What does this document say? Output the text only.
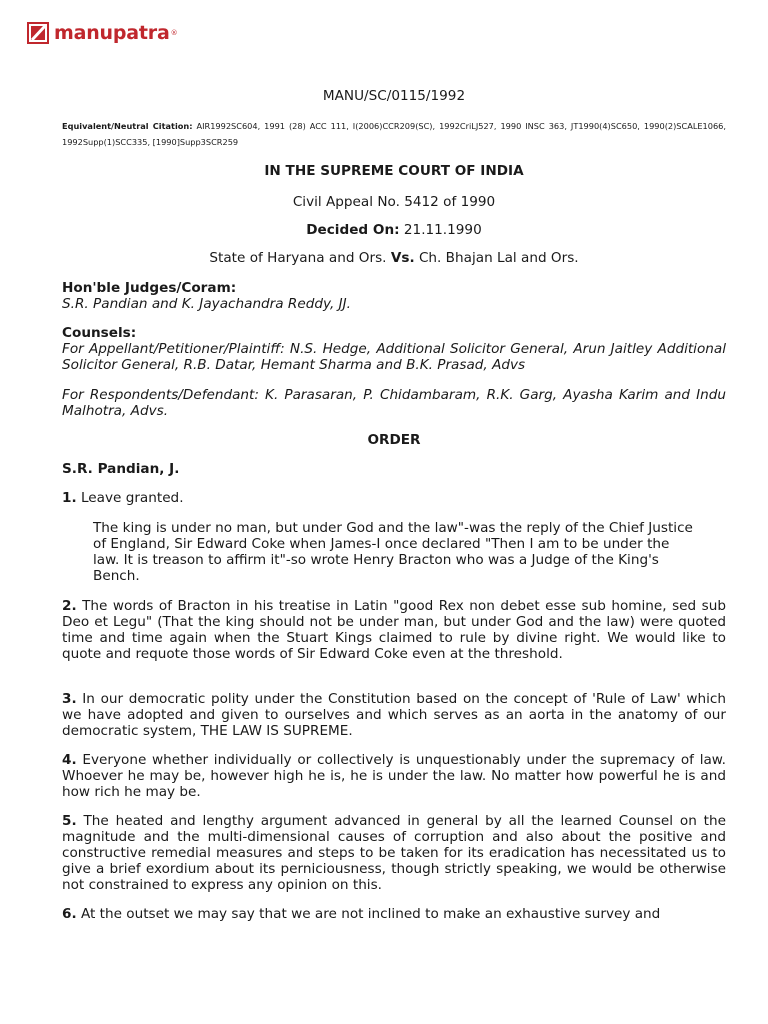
manupatra ®
MANU/SC/0115/1992
Equivalent/Neutral Citation: AIR1992SC604, 1991 (28) ACC 111, I(2006)CCR209(SC), 1992CriLJ527, 1990 INSC 363, JT1990(4)SC650, 1990(2)SCALE1066, 1992Supp(1)SCC335, [1990]Supp3SCR259
IN THE SUPREME COURT OF INDIA
Civil Appeal No. 5412 of 1990
Decided On: 21.11.1990
State of Haryana and Ors. Vs. Ch. Bhajan Lal and Ors.
Hon'ble Judges/Coram:
S.R. Pandian and K. Jayachandra Reddy, JJ.
Counsels:
For Appellant/Petitioner/Plaintiff: N.S. Hedge, Additional Solicitor General, Arun Jaitley Additional Solicitor General, R.B. Datar, Hemant Sharma and B.K. Prasad, Advs
For Respondents/Defendant: K. Parasaran, P. Chidambaram, R.K. Garg, Ayasha Karim and Indu Malhotra, Advs.
ORDER
S.R. Pandian, J.
1. Leave granted.
The king is under no man, but under God and the law"-was the reply of the Chief Justice of England, Sir Edward Coke when James-I once declared "Then I am to be under the law. It is treason to affirm it"-so wrote Henry Bracton who was a Judge of the King's Bench.
2. The words of Bracton in his treatise in Latin "good Rex non debet esse sub homine, sed sub Deo et Legu" (That the king should not be under man, but under God and the law) were quoted time and time again when the Stuart Kings claimed to rule by divine right. We would like to quote and requote those words of Sir Edward Coke even at the threshold.
3. In our democratic polity under the Constitution based on the concept of 'Rule of Law' which we have adopted and given to ourselves and which serves as an aorta in the anatomy of our democratic system, THE LAW IS SUPREME.
4. Everyone whether individually or collectively is unquestionably under the supremacy of law. Whoever he may be, however high he is, he is under the law. No matter how powerful he is and how rich he may be.
5. The heated and lengthy argument advanced in general by all the learned Counsel on the magnitude and the multi-dimensional causes of corruption and also about the positive and constructive remedial measures and steps to be taken for its eradication has necessitated us to give a brief exordium about its perniciousness, though strictly speaking, we would be otherwise not constrained to express any opinion on this.
6. At the outset we may say that we are not inclined to make an exhaustive survey and
